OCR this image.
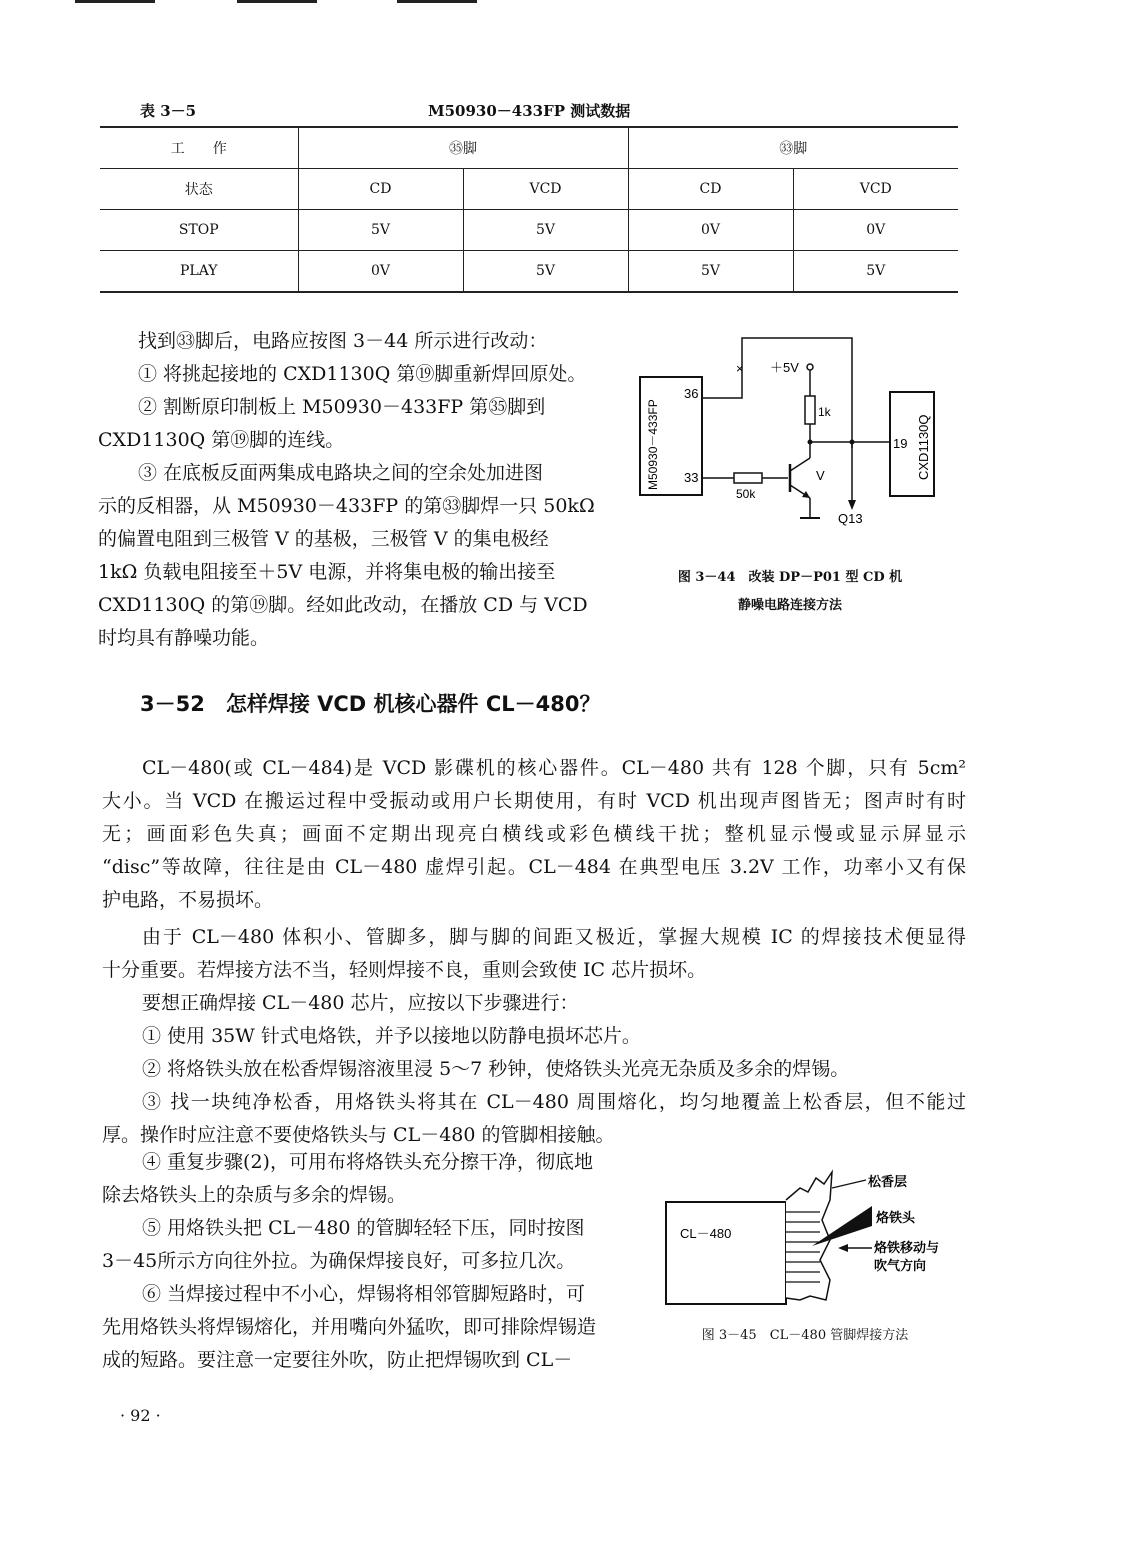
表 3－5	M50930－433FP 测试数据
工　　作	㉟脚		㉝脚	
状态	CD	VCD	CD	VCD
STOP	5V	5V	0V	0V
PLAY	0V	5V	5V	5V
找到㉝脚后，电路应按图 3－44 所示进行改动：
① 将挑起接地的 CXD1130Q 第⑲脚重新焊回原处。
② 割断原印制板上 M50930－433FP 第㉟脚到
CXD1130Q 第⑲脚的连线。
③ 在底板反面两集成电路块之间的空余处加进图
示的反相器，从 M50930－433FP 的第㉝脚焊一只 50kΩ
的偏置电阻到三极管 V 的基极，三极管 V 的集电极经
1kΩ 负载电阻接至＋5V 电源，并将集电极的输出接至
CXD1130Q 的第⑲脚。经如此改动，在播放 CD 与 VCD
时均具有静噪功能。
M50930－433FP
36
33
× ＋5V
1k
Q13
CXD1130Q
19
50k
V
图 3－44　改装 DP－P01 型 CD 机
静噪电路连接方法
3－52　怎样焊接 VCD 机核心器件 CL－480？
CL－480(或 CL－484)是 VCD 影碟机的核心器件。CL－480 共有 128 个脚，只有 5cm²
大小。当 VCD 在搬运过程中受振动或用户长期使用，有时 VCD 机出现声图皆无；图声时有时
无；画面彩色失真；画面不定期出现亮白横线或彩色横线干扰；整机显示慢或显示屏显示
“disc”等故障，往往是由 CL－480 虚焊引起。CL－484 在典型电压 3.2V 工作，功率小又有保
护电路，不易损坏。
由于 CL－480 体积小、管脚多，脚与脚的间距又极近，掌握大规模 IC 的焊接技术便显得
十分重要。若焊接方法不当，轻则焊接不良，重则会致使 IC 芯片损坏。
要想正确焊接 CL－480 芯片，应按以下步骤进行：
① 使用 35W 针式电烙铁，并予以接地以防静电损坏芯片。
② 将烙铁头放在松香焊锡溶液里浸 5～7 秒钟，使烙铁头光亮无杂质及多余的焊锡。
③ 找一块纯净松香，用烙铁头将其在 CL－480 周围熔化，均匀地覆盖上松香层，但不能过
厚。操作时应注意不要使烙铁头与 CL－480 的管脚相接触。
④ 重复步骤(2)，可用布将烙铁头充分擦干净，彻底地
除去烙铁头上的杂质与多余的焊锡。
⑤ 用烙铁头把 CL－480 的管脚轻轻下压，同时按图
3－45所示方向往外拉。为确保焊接良好，可多拉几次。
⑥ 当焊接过程中不小心，焊锡将相邻管脚短路时，可
先用烙铁头将焊锡熔化，并用嘴向外猛吹，即可排除焊锡造
成的短路。要注意一定要往外吹，防止把焊锡吹到 CL－
CL－480
松香层
烙铁头
烙铁移动与
吹气方向
图 3－45　CL－480 管脚焊接方法
· 92 ·
